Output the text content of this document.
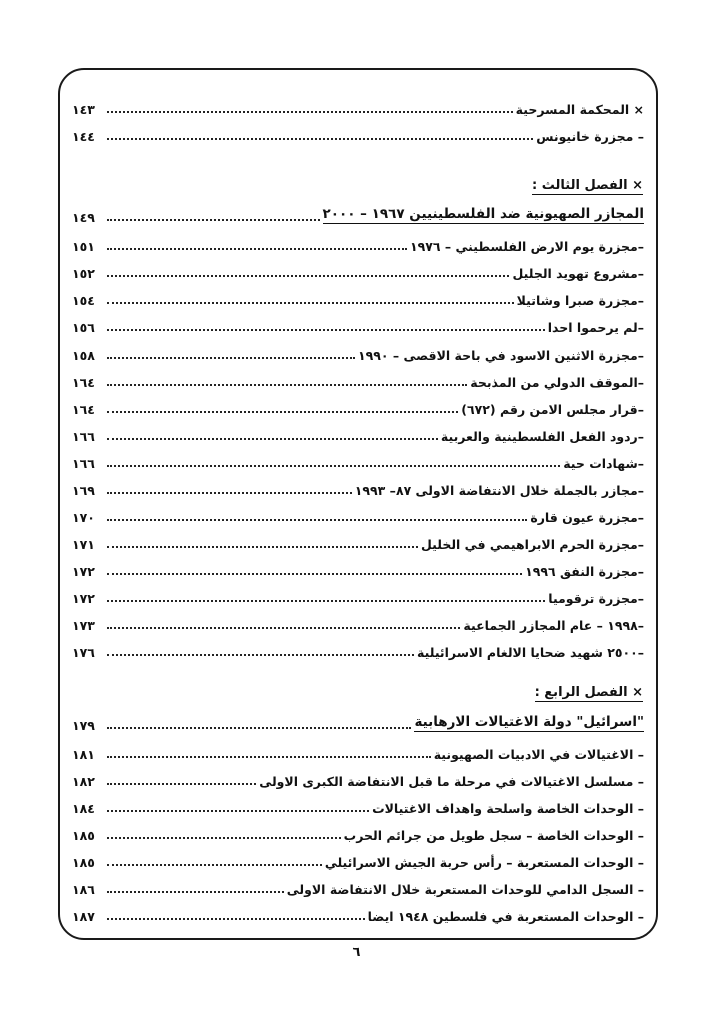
× المحكمة المسرحية
١٤٣
– مجزرة خانيونس
١٤٤
× الفصل الثالث :
المجازر الصهيونية ضد الفلسطينيين ١٩٦٧ – ٢٠٠٠
١٤٩
–مجزرة يوم الارض الفلسطيني – ١٩٧٦
١٥١
–مشروع تهويد الجليل
١٥٢
–مجزرة صبرا وشاتيلا
١٥٤
–لم يرحموا احدا
١٥٦
–مجزرة الاثنين الاسود في باحة الاقصى – ١٩٩٠
١٥٨
–الموقف الدولي من المذبحة
١٦٤
–قرار مجلس الامن رقم (٦٧٢)
١٦٤
–ردود الفعل الفلسطينية والعربية
١٦٦
–شهادات حية
١٦٦
–مجازر بالجملة خلال الانتفاضة الاولى ٨٧– ١٩٩٣
١٦٩
–مجزرة عيون قارة
١٧٠
–مجزرة الحرم الابراهيمي في الخليل
١٧١
–مجزرة النفق ١٩٩٦
١٧٢
–مجزرة ترقوميا
١٧٢
–١٩٩٨ – عام المجازر الجماعية
١٧٣
–٢٥٠٠ شهيد ضحايا الالغام الاسرائيلية
١٧٦
× الفصل الرابع :
"اسرائيل" دولة الاغتيالات الارهابية
١٧٩
– الاغتيالات في الادبيات الصهيونية
١٨١
– مسلسل الاغتيالات في مرحلة ما قبل الانتفاضة الكبرى الاولى
١٨٢
– الوحدات الخاصة واسلحة واهداف الاغتيالات
١٨٤
– الوحدات الخاصة – سجل طويل من جرائم الحرب
١٨٥
– الوحدات المستعربة – رأس حربة الجيش الاسرائيلي
١٨٥
– السجل الدامي للوحدات المستعربة خلال الانتفاضة الاولى
١٨٦
– الوحدات المستعربة في فلسطين ١٩٤٨ ايضا
١٨٧
٦
